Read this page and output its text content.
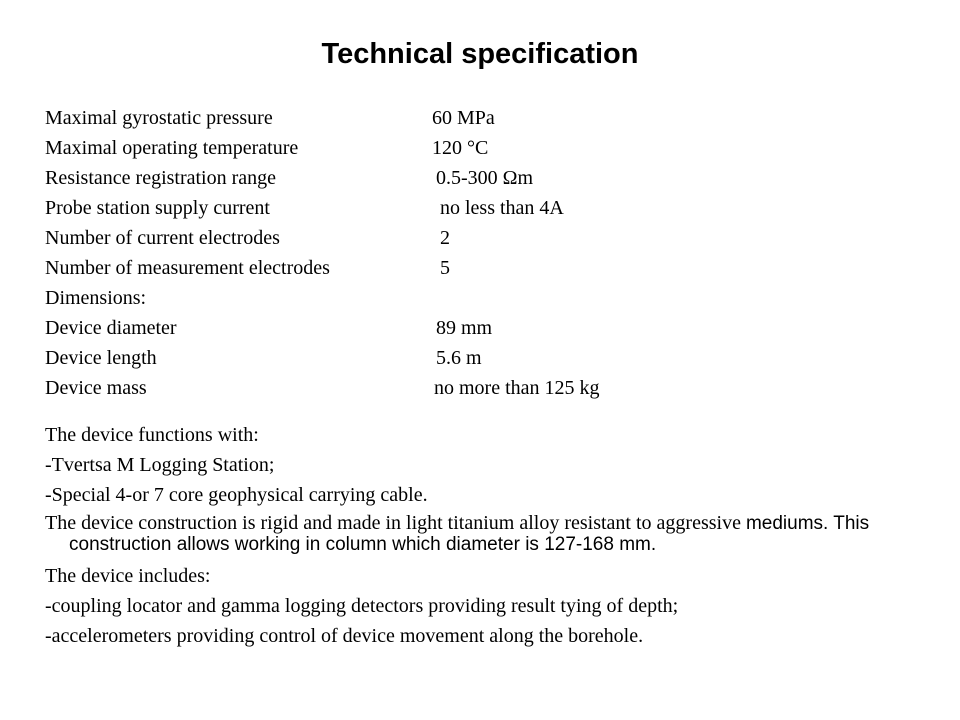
Technical specification
Maximal gyrostatic pressure	60 MPa
Maximal operating temperature	120 °C
Resistance registration range	0.5-300 Ωm
Probe station supply current	no less than 4A
Number of current electrodes	2
Number of measurement electrodes	5
Dimensions:
Device diameter	89 mm
Device length	5.6 m
Device mass	no more than 125 kg
The device functions with:
-Tvertsa M Logging Station;
-Special 4-or 7 core geophysical carrying cable.
The device construction is rigid and made in light titanium alloy resistant to aggressive mediums. This construction allows working in column which diameter is 127-168 mm.
The device includes:
-coupling locator and gamma logging detectors providing result tying of depth;
-accelerometers providing control of device movement along the borehole.
